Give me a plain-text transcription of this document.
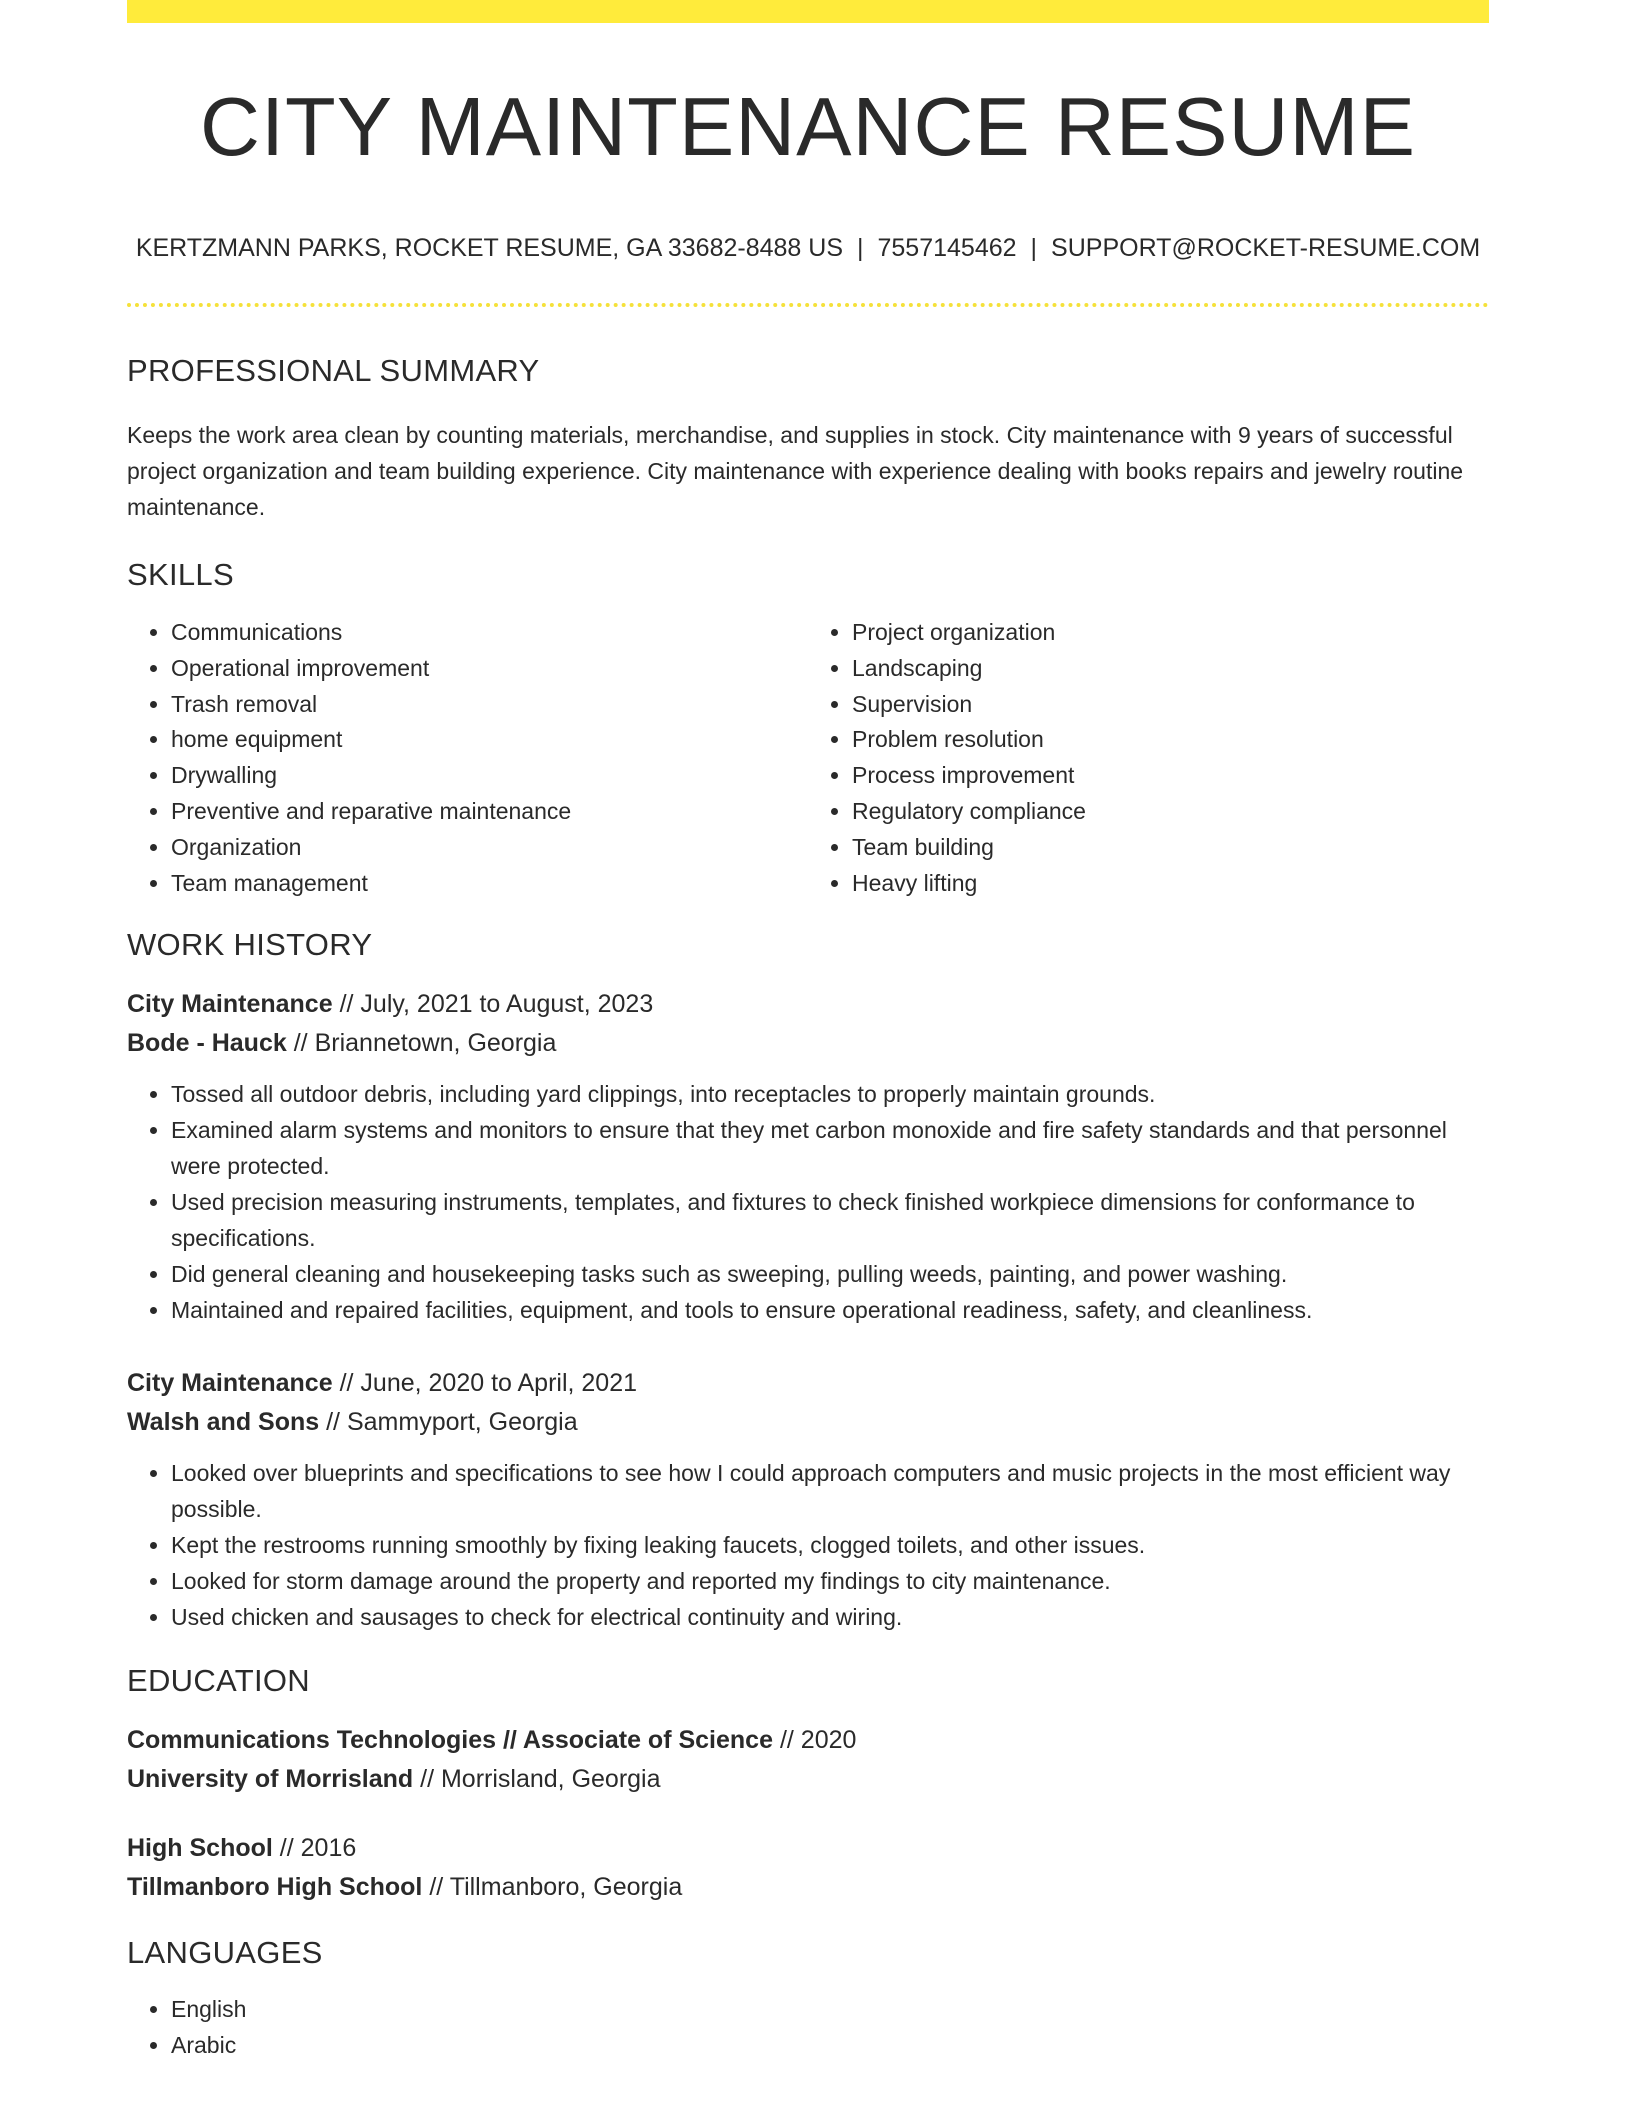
CITY MAINTENANCE RESUME
KERTZMANN PARKS, ROCKET RESUME, GA 33682-8488 US | 7557145462 | SUPPORT@ROCKET-RESUME.COM
PROFESSIONAL SUMMARY

Keeps the work area clean by counting materials, merchandise, and supplies in stock. City maintenance with 9 years of successful project organization and team building experience. City maintenance with experience dealing with books repairs and jewelry routine maintenance.

SKILLS
• Communications
• Operational improvement
• Trash removal
• home equipment
• Drywalling
• Preventive and reparative maintenance
• Organization
• Team management
• Project organization
• Landscaping
• Supervision
• Problem resolution
• Process improvement
• Regulatory compliance
• Team building
• Heavy lifting
WORK HISTORY
City Maintenance // July, 2021 to August, 2023
Bode - Hauck // Briannetown, Georgia
• Tossed all outdoor debris, including yard clippings, into receptacles to properly maintain grounds.
• Examined alarm systems and monitors to ensure that they met carbon monoxide and fire safety standards and that personnel were protected.
• Used precision measuring instruments, templates, and fixtures to check finished workpiece dimensions for conformance to specifications.
• Did general cleaning and housekeeping tasks such as sweeping, pulling weeds, painting, and power washing.
• Maintained and repaired facilities, equipment, and tools to ensure operational readiness, safety, and cleanliness.
City Maintenance // June, 2020 to April, 2021
Walsh and Sons // Sammyport, Georgia
• Looked over blueprints and specifications to see how I could approach computers and music projects in the most efficient way possible.
• Kept the restrooms running smoothly by fixing leaking faucets, clogged toilets, and other issues.
• Looked for storm damage around the property and reported my findings to city maintenance.
• Used chicken and sausages to check for electrical continuity and wiring.
EDUCATION
Communications Technologies // Associate of Science // 2020
University of Morrisland // Morrisland, Georgia
High School // 2016
Tillmanboro High School // Tillmanboro, Georgia
LANGUAGES
• English
• Arabic
